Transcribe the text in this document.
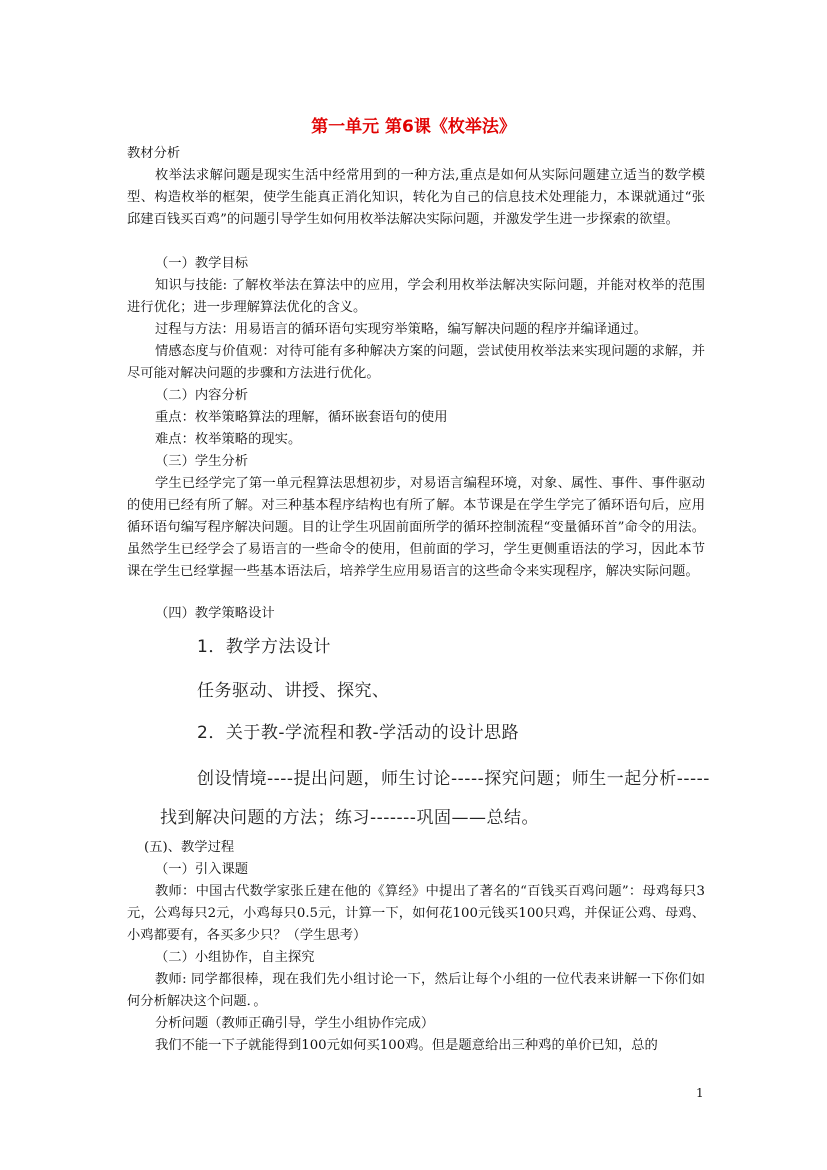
第一单元 第6课《枚举法》

教材分析

枚举法求解问题是现实生活中经常用到的一种方法,重点是如何从实际问题建立适当的数学模型、构造枚举的框架，使学生能真正消化知识，转化为自己的信息技术处理能力，本课就通过“张邱建百钱买百鸡”的问题引导学生如何用枚举法解决实际问题，并激发学生进一步探索的欲望。

（一）教学目标

知识与技能: 了解枚举法在算法中的应用，学会利用枚举法解决实际问题，并能对枚举的范围进行优化；进一步理解算法优化的含义。

过程与方法：用易语言的循环语句实现穷举策略，编写解决问题的程序并编译通过。

情感态度与价值观：对待可能有多种解决方案的问题，尝试使用枚举法来实现问题的求解，并尽可能对解决问题的步骤和方法进行优化。

（二）内容分析

重点：枚举策略算法的理解，循环嵌套语句的使用

难点：枚举策略的现实。

（三）学生分析

学生已经学完了第一单元程算法思想初步，对易语言编程环境，对象、属性、事件、事件驱动的使用已经有所了解。对三种基本程序结构也有所了解。本节课是在学生学完了循环语句后，应用循环语句编写程序解决问题。目的让学生巩固前面所学的循环控制流程“变量循环首”命令的用法。虽然学生已经学会了易语言的一些命令的使用，但前面的学习，学生更侧重语法的学习，因此本节课在学生已经掌握一些基本语法后，培养学生应用易语言的这些命令来实现程序，解决实际问题。

（四）教学策略设计

1．教学方法设计
任务驱动、讲授、探究、
2．关于教-学流程和教-学活动的设计思路
创设情境----提出问题，师生讨论-----探究问题；师生一起分析-----
找到解决问题的方法；练习-------巩固——总结。

(五)、教学过程

（一）引入课题

教师：中国古代数学家张丘建在他的《算经》中提出了著名的“百钱买百鸡问题”：母鸡每只3元，公鸡每只2元，小鸡每只0.5元，计算一下，如何花100元钱买100只鸡，并保证公鸡、母鸡、小鸡都要有，各买多少只？（学生思考）

（二）小组协作，自主探究

教师: 同学都很棒，现在我们先小组讨论一下，然后让每个小组的一位代表来讲解一下你们如何分析解决这个问题．。

分析问题（教师正确引导，学生小组协作完成）

我们不能一下子就能得到100元如何买100鸡。但是题意给出三种鸡的单价已知，总的

1
